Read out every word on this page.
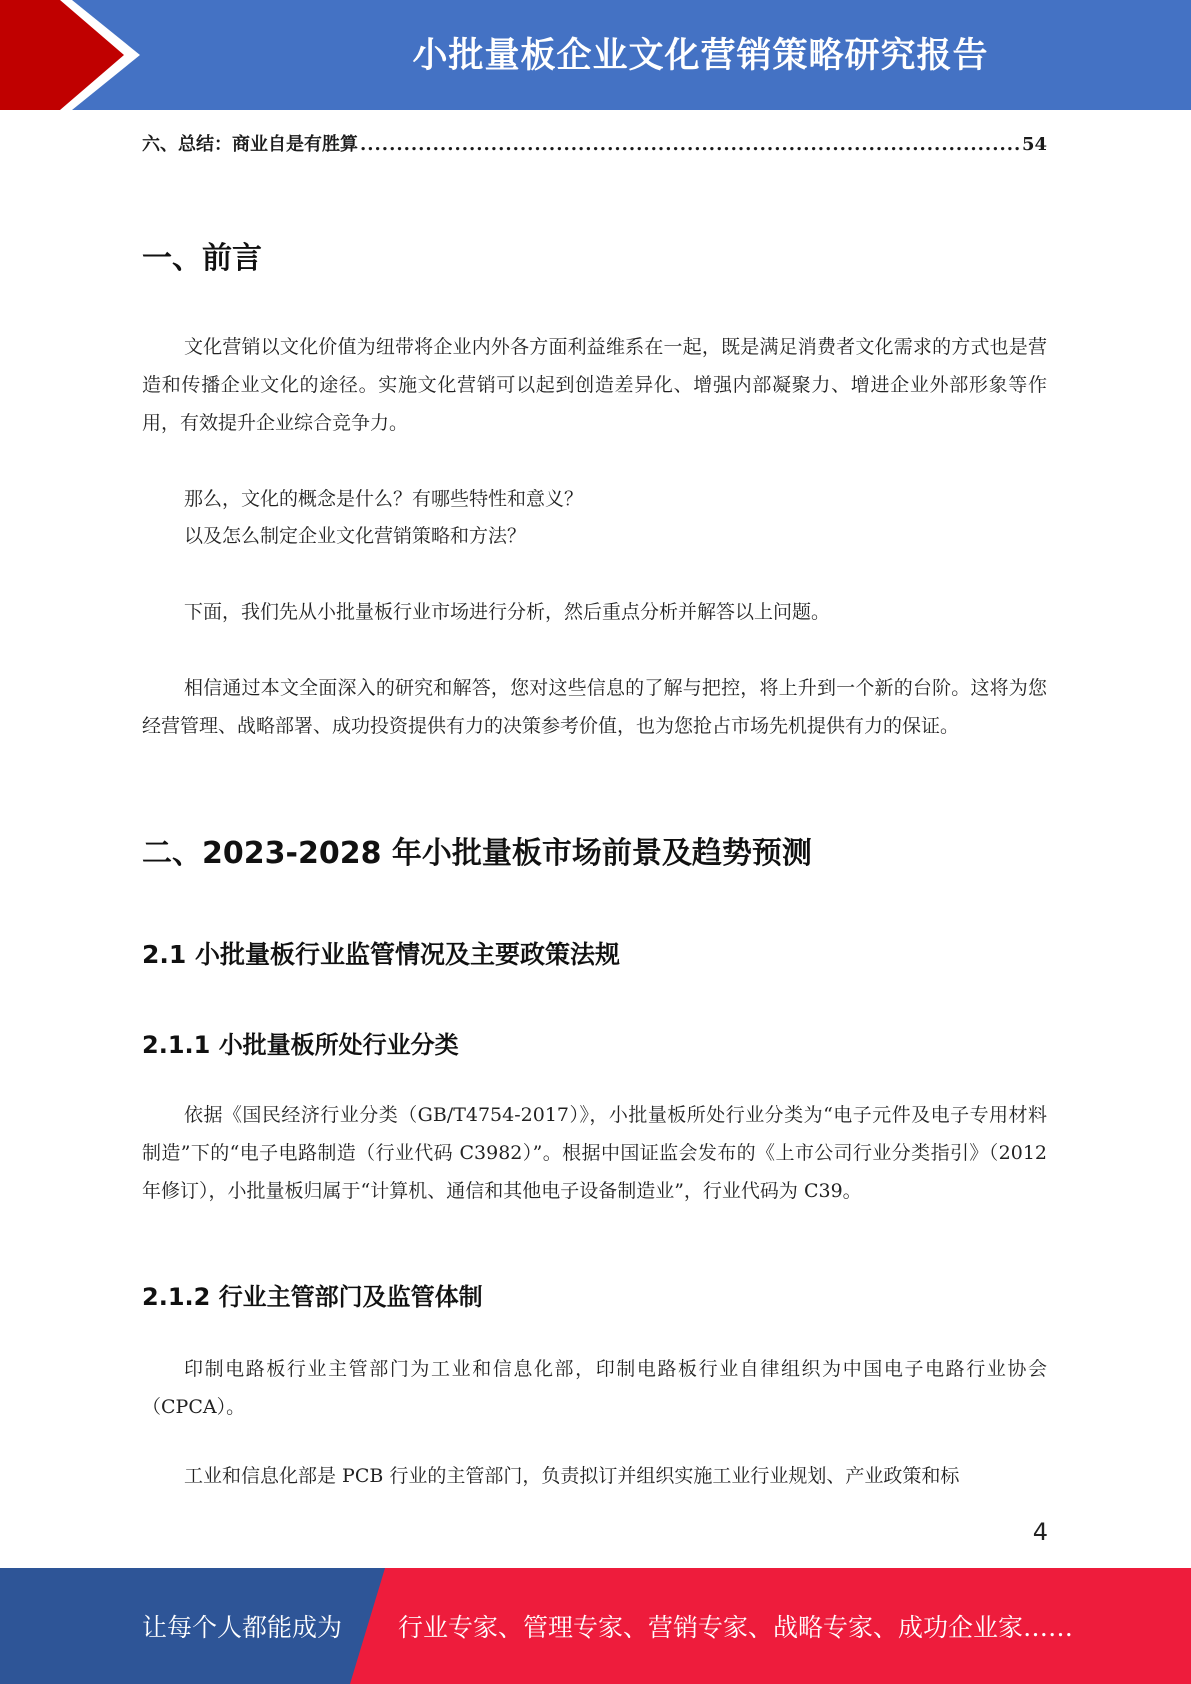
小批量板企业文化营销策略研究报告
六、总结：商业自是有胜算
.....	54
一、前言
文化营销以文化价值为纽带将企业内外各方面利益维系在一起，既是满足消费者文化需求的方式也是营造和传播企业文化的途径。实施文化营销可以起到创造差异化、增强内部凝聚力、增进企业外部形象等作用，有效提升企业综合竞争力。
那么，文化的概念是什么？有哪些特性和意义？
以及怎么制定企业文化营销策略和方法？
下面，我们先从小批量板行业市场进行分析，然后重点分析并解答以上问题。
相信通过本文全面深入的研究和解答，您对这些信息的了解与把控，将上升到一个新的台阶。这将为您经营管理、战略部署、成功投资提供有力的决策参考价值，也为您抢占市场先机提供有力的保证。
二、2023-2028 年小批量板市场前景及趋势预测
2.1 小批量板行业监管情况及主要政策法规
2.1.1 小批量板所处行业分类
依据《国民经济行业分类（GB/T4754-2017）》，小批量板所处行业分类为“电子元件及电子专用材料制造”下的“电子电路制造（行业代码 C3982）”。根据中国证监会发布的《上市公司行业分类指引》（2012 年修订），小批量板归属于“计算机、通信和其他电子设备制造业”，行业代码为 C39。
2.1.2 行业主管部门及监管体制
印制电路板行业主管部门为工业和信息化部，印制电路板行业自律组织为中国电子电路行业协会（CPCA）。
工业和信息化部是 PCB 行业的主管部门，负责拟订并组织实施工业行业规划、产业政策和标
4
让每个人都能成为 行业专家、管理专家、营销专家、战略专家、成功企业家……
